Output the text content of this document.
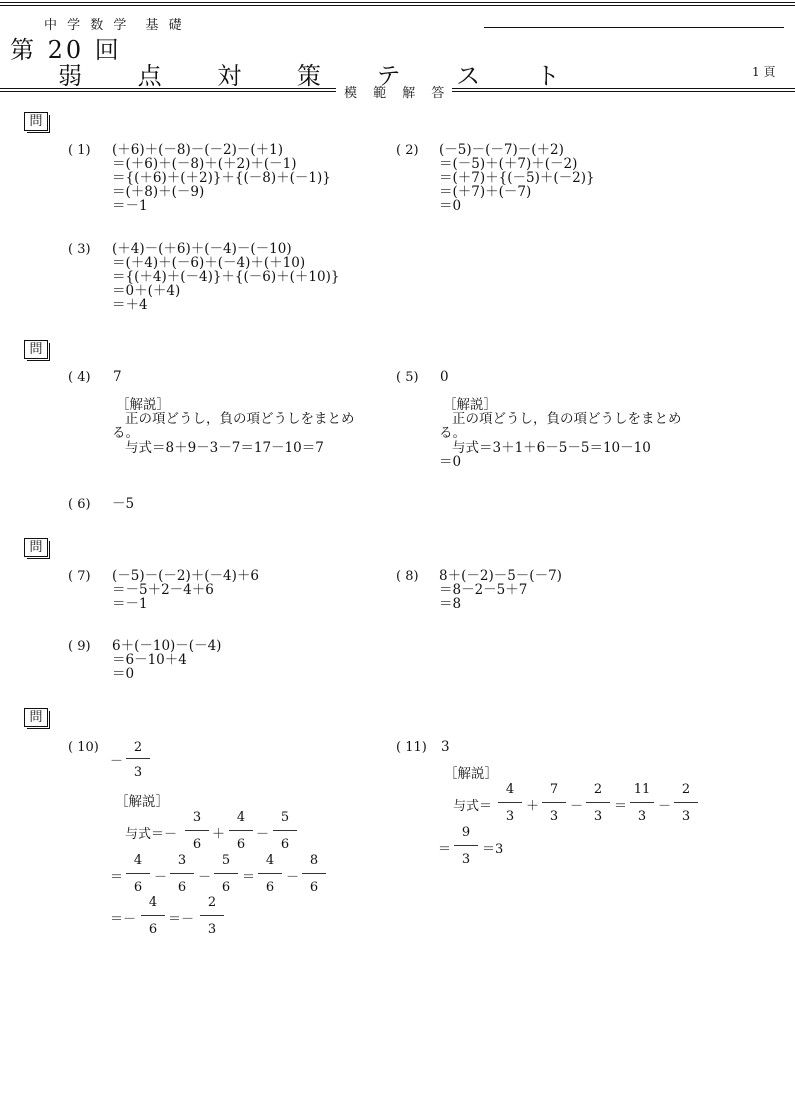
中 学 数 学　基 礎
第 20 回
弱 点 対 策 テ ス ト	1 頁
模 範 解 答
問
( 1) (＋6)＋(－8)－(－2)－(＋1)
＝(＋6)＋(－8)＋(＋2)＋(－1)
＝{(＋6)＋(＋2)}＋{(－8)＋(－1)}
＝(＋8)＋(－9)
＝－1
( 2) (－5)－(－7)－(＋2)
＝(－5)＋(＋7)＋(－2)
＝(＋7)＋{(－5)＋(－2)}
＝(＋7)＋(－7)
＝0
( 3) (＋4)－(＋6)＋(－4)－(－10)
＝(＋4)＋(－6)＋(－4)＋(＋10)
＝{(＋4)＋(－4)}＋{(－6)＋(＋10)}
＝0＋(＋4)
＝＋4
問
( 4) 7
［解説］
正の項どうし，負の項どうしをまとめ
る。
与式＝8＋9－3－7＝17－10＝7
( 5) 0
［解説］
正の項どうし，負の項どうしをまとめ
る。
与式＝3＋1＋6－5－5＝10－10
＝0
( 6) －5
問
( 7) (－5)－(－2)＋(－4)＋6
＝－5＋2－4＋6
＝－1
( 8) 8＋(－2)－5－(－7)
＝8－2－5＋7
＝8
( 9) 6＋(－10)－(－4)
＝6－10＋4
＝0
問
( 10)
－
2
3
［解説］
与式＝－
3
6
＋
4
6
－
5
6
＝
4
6
－
3
6
－
5
6
＝
4
6
－
8
6
＝－
4
6
＝－
2
3
( 11) 3
［解説］
与式＝
4
3
＋
7
3
－
2
3
＝
11
3
－
2
3
＝
9
3
＝3
